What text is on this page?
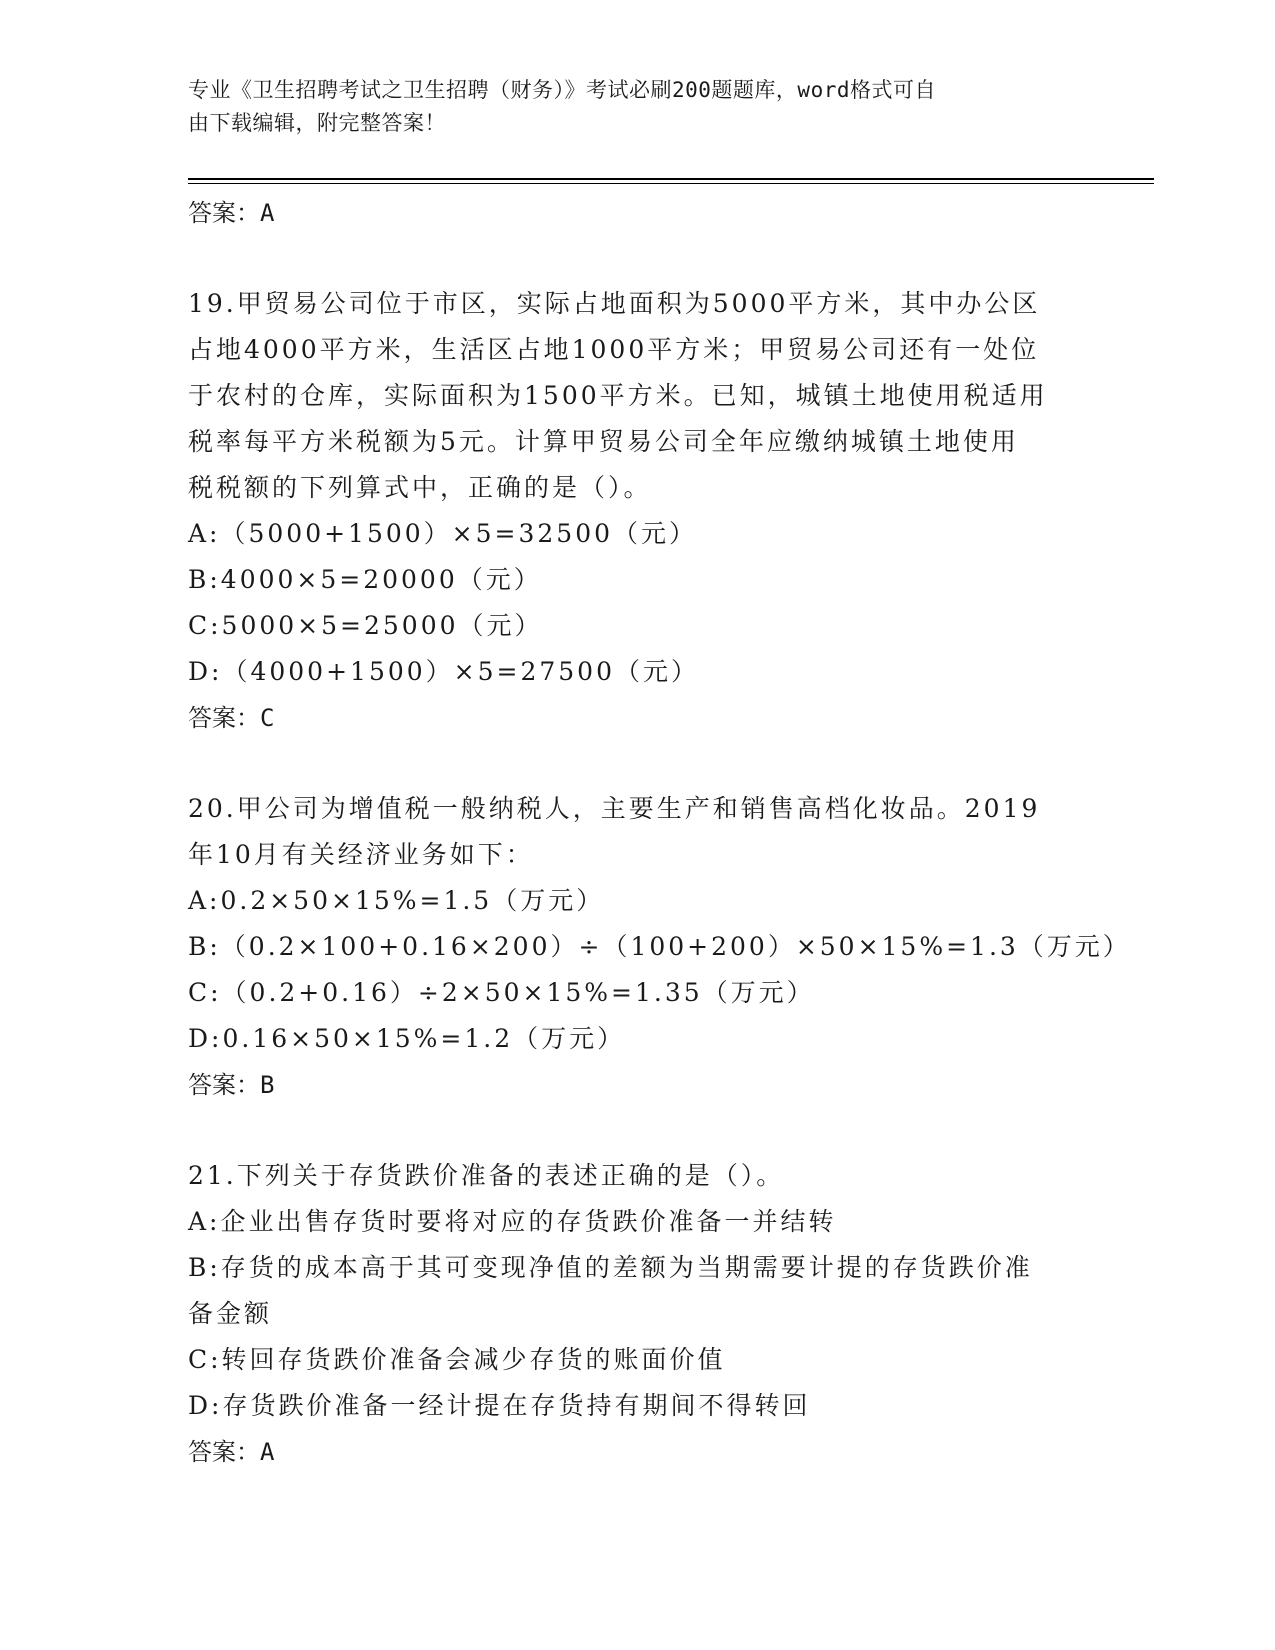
专业《卫生招聘考试之卫生招聘（财务）》考试必刷200题题库，word格式可自
由下载编辑，附完整答案！
答案：A
19.甲贸易公司位于市区，实际占地面积为5000平方米，其中办公区
占地4000平方米，生活区占地1000平方米；甲贸易公司还有一处位
于农村的仓库，实际面积为1500平方米。已知，城镇土地使用税适用
税率每平方米税额为5元。计算甲贸易公司全年应缴纳城镇土地使用
税税额的下列算式中，正确的是（）。
A:（5000+1500）×5=32500（元）
B:4000×5=20000（元）
C:5000×5=25000（元）
D:（4000+1500）×5=27500（元）
答案：C
20.甲公司为增值税一般纳税人，主要生产和销售高档化妆品。2019
年10月有关经济业务如下：
A:0.2×50×15%=1.5（万元）
B:（0.2×100+0.16×200）÷（100+200）×50×15%=1.3（万元）
C:（0.2+0.16）÷2×50×15%=1.35（万元）
D:0.16×50×15%=1.2（万元）
答案：B
21.下列关于存货跌价准备的表述正确的是（）。
A:企业出售存货时要将对应的存货跌价准备一并结转
B:存货的成本高于其可变现净值的差额为当期需要计提的存货跌价准
备金额
C:转回存货跌价准备会减少存货的账面价值
D:存货跌价准备一经计提在存货持有期间不得转回
答案：A
